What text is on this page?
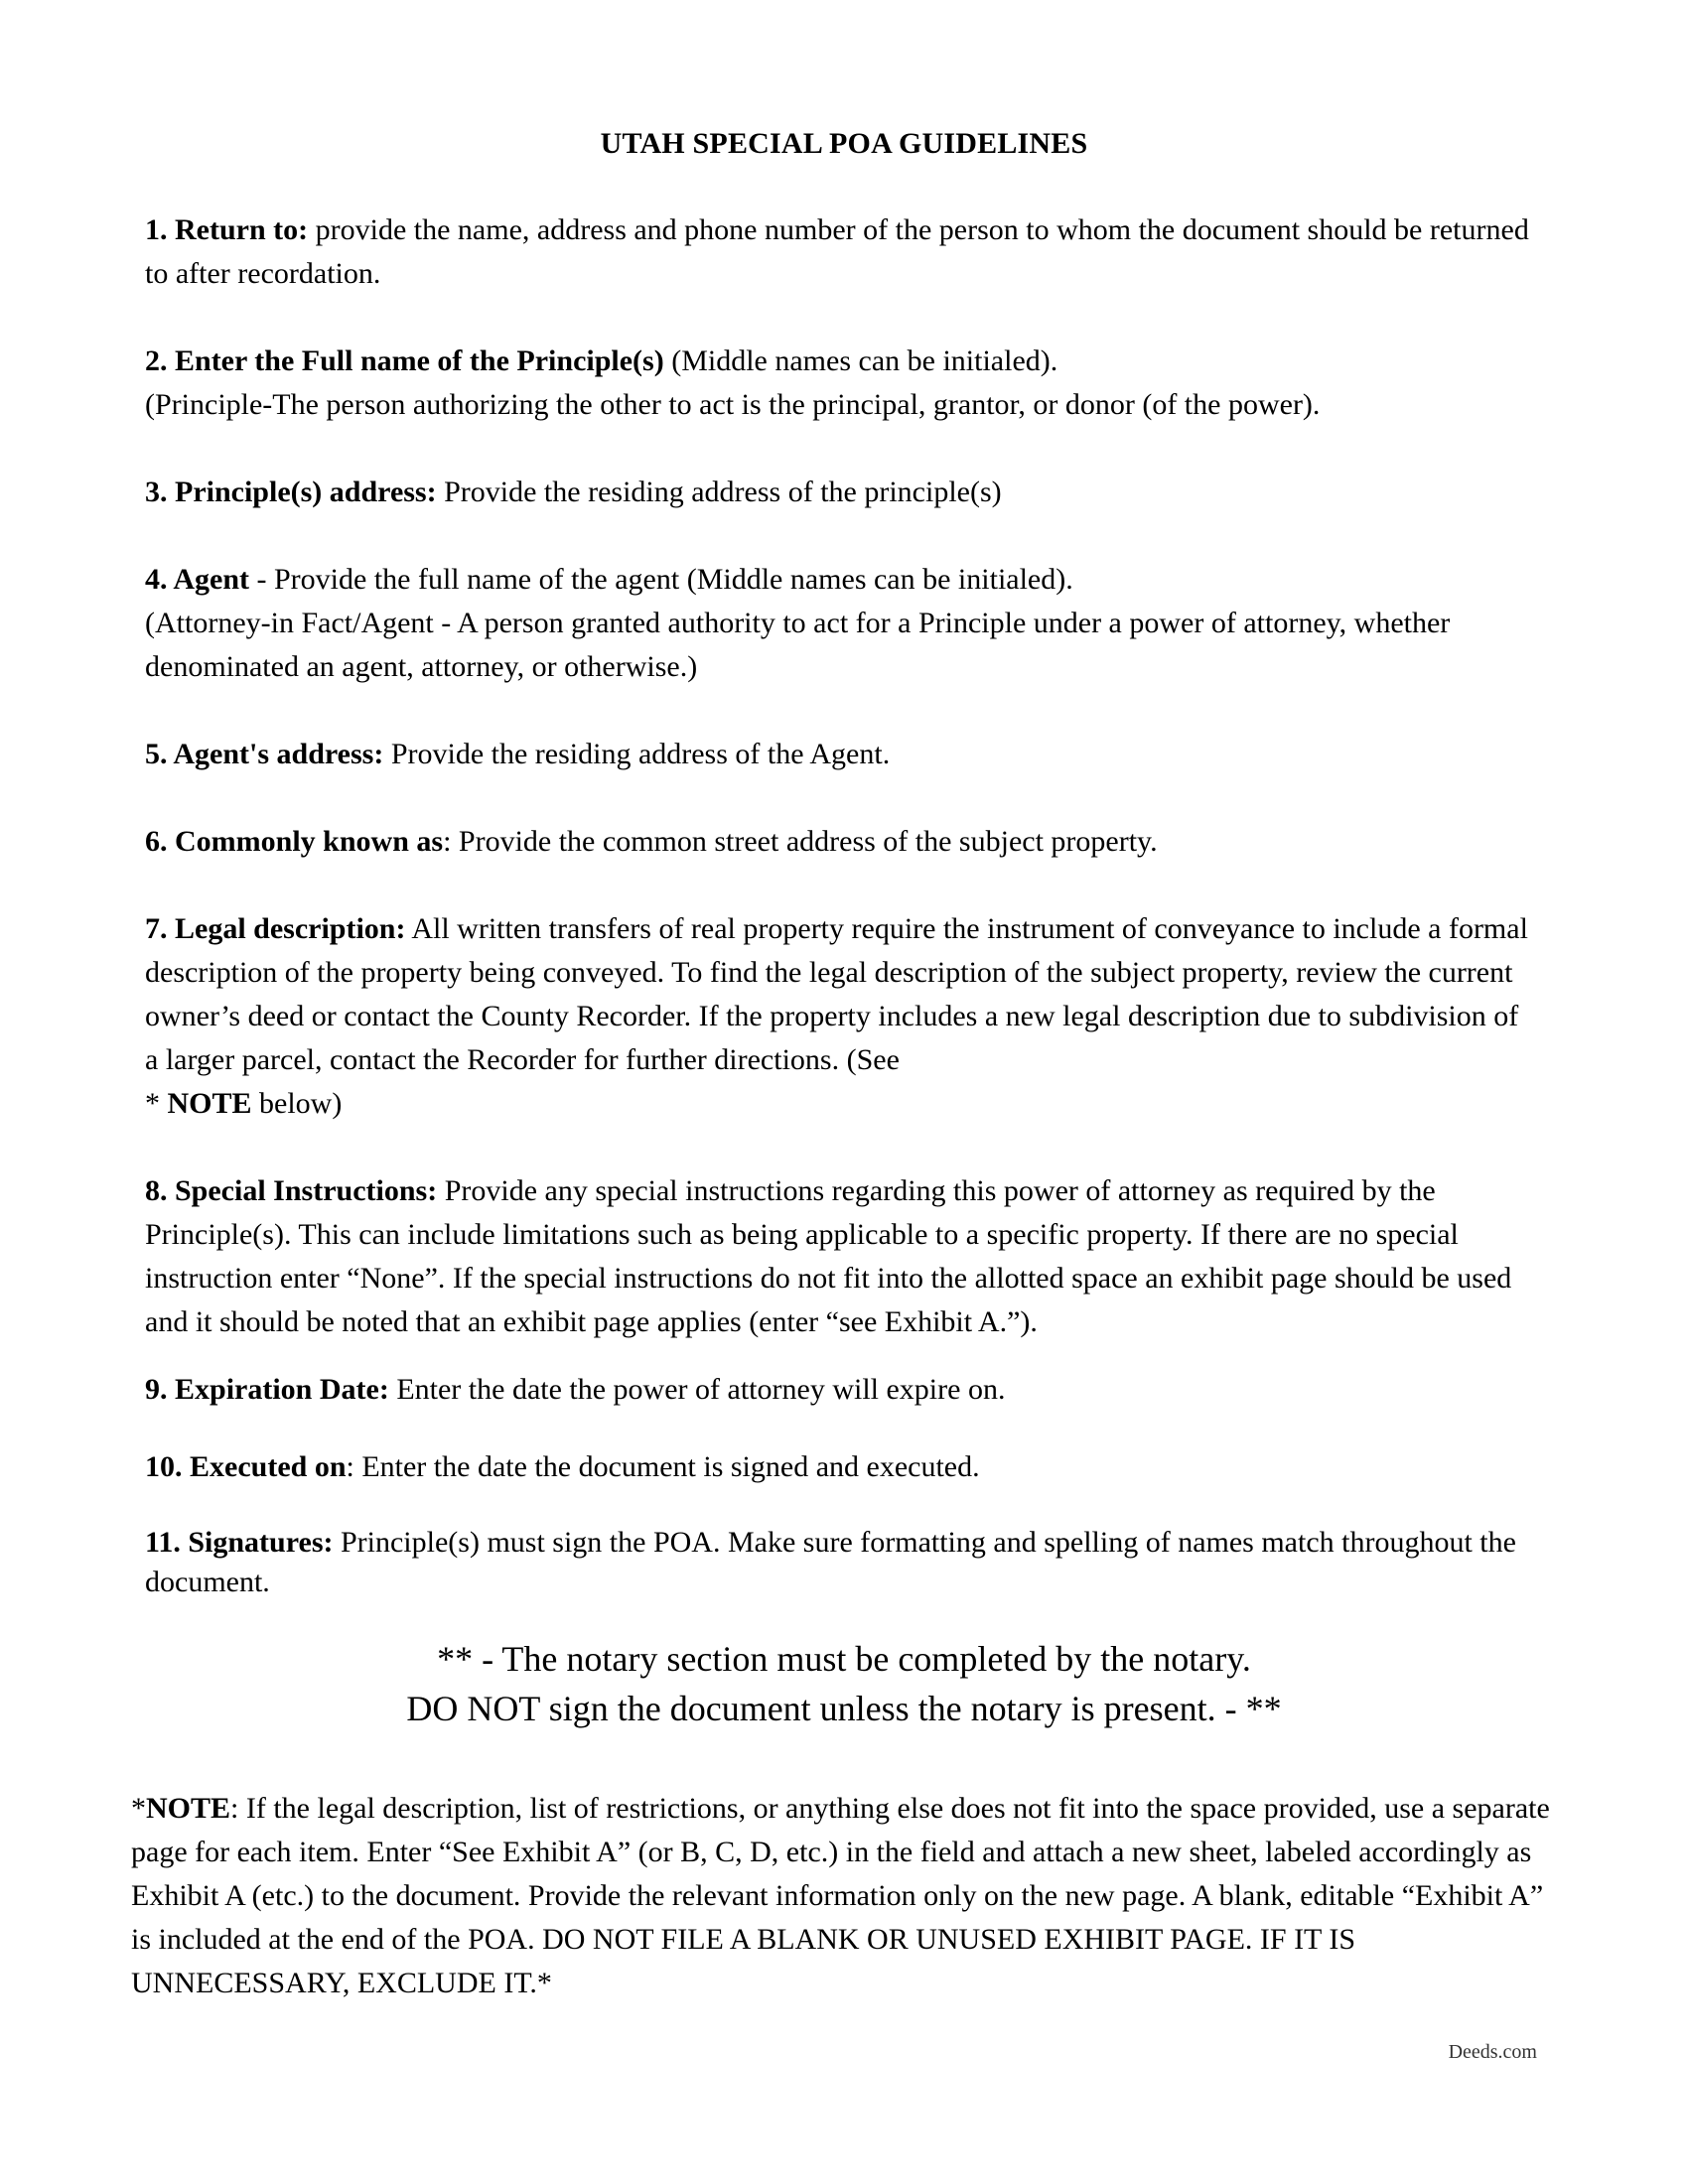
UTAH SPECIAL POA GUIDELINES
1. Return to: provide the name, address and phone number of the person to whom the document should be returned to after recordation.
2. Enter the Full name of the Principle(s) (Middle names can be initialed).
(Principle-The person authorizing the other to act is the principal, grantor, or donor (of the power).
3. Principle(s) address: Provide the residing address of the principle(s)
4. Agent - Provide the full name of the agent (Middle names can be initialed).
(Attorney-in Fact/Agent - A person granted authority to act for a Principle under a power of attorney, whether denominated an agent, attorney, or otherwise.)
5. Agent's address: Provide the residing address of the Agent.
6. Commonly known as: Provide the common street address of the subject property.
7. Legal description: All written transfers of real property require the instrument of conveyance to include a formal description of the property being conveyed. To find the legal description of the subject property, review the current owner’s deed or contact the County Recorder. If the property includes a new legal description due to subdivision of a larger parcel, contact the Recorder for further directions. (See
* NOTE below)
8. Special Instructions: Provide any special instructions regarding this power of attorney as required by the Principle(s). This can include limitations such as being applicable to a specific property. If there are no special instruction enter “None”. If the special instructions do not fit into the allotted space an exhibit page should be used and it should be noted that an exhibit page applies (enter “see Exhibit A.”).
9. Expiration Date: Enter the date the power of attorney will expire on.
10. Executed on: Enter the date the document is signed and executed.
11. Signatures: Principle(s) must sign the POA. Make sure formatting and spelling of names match throughout the document.
** - The notary section must be completed by the notary.
DO NOT sign the document unless the notary is present. - **
*NOTE: If the legal description, list of restrictions, or anything else does not fit into the space provided, use a separate page for each item. Enter “See Exhibit A” (or B, C, D, etc.) in the field and attach a new sheet, labeled accordingly as Exhibit A (etc.) to the document. Provide the relevant information only on the new page. A blank, editable “Exhibit A” is included at the end of the POA. DO NOT FILE A BLANK OR UNUSED EXHIBIT PAGE. IF IT IS UNNECESSARY, EXCLUDE IT.*
Deeds.com
